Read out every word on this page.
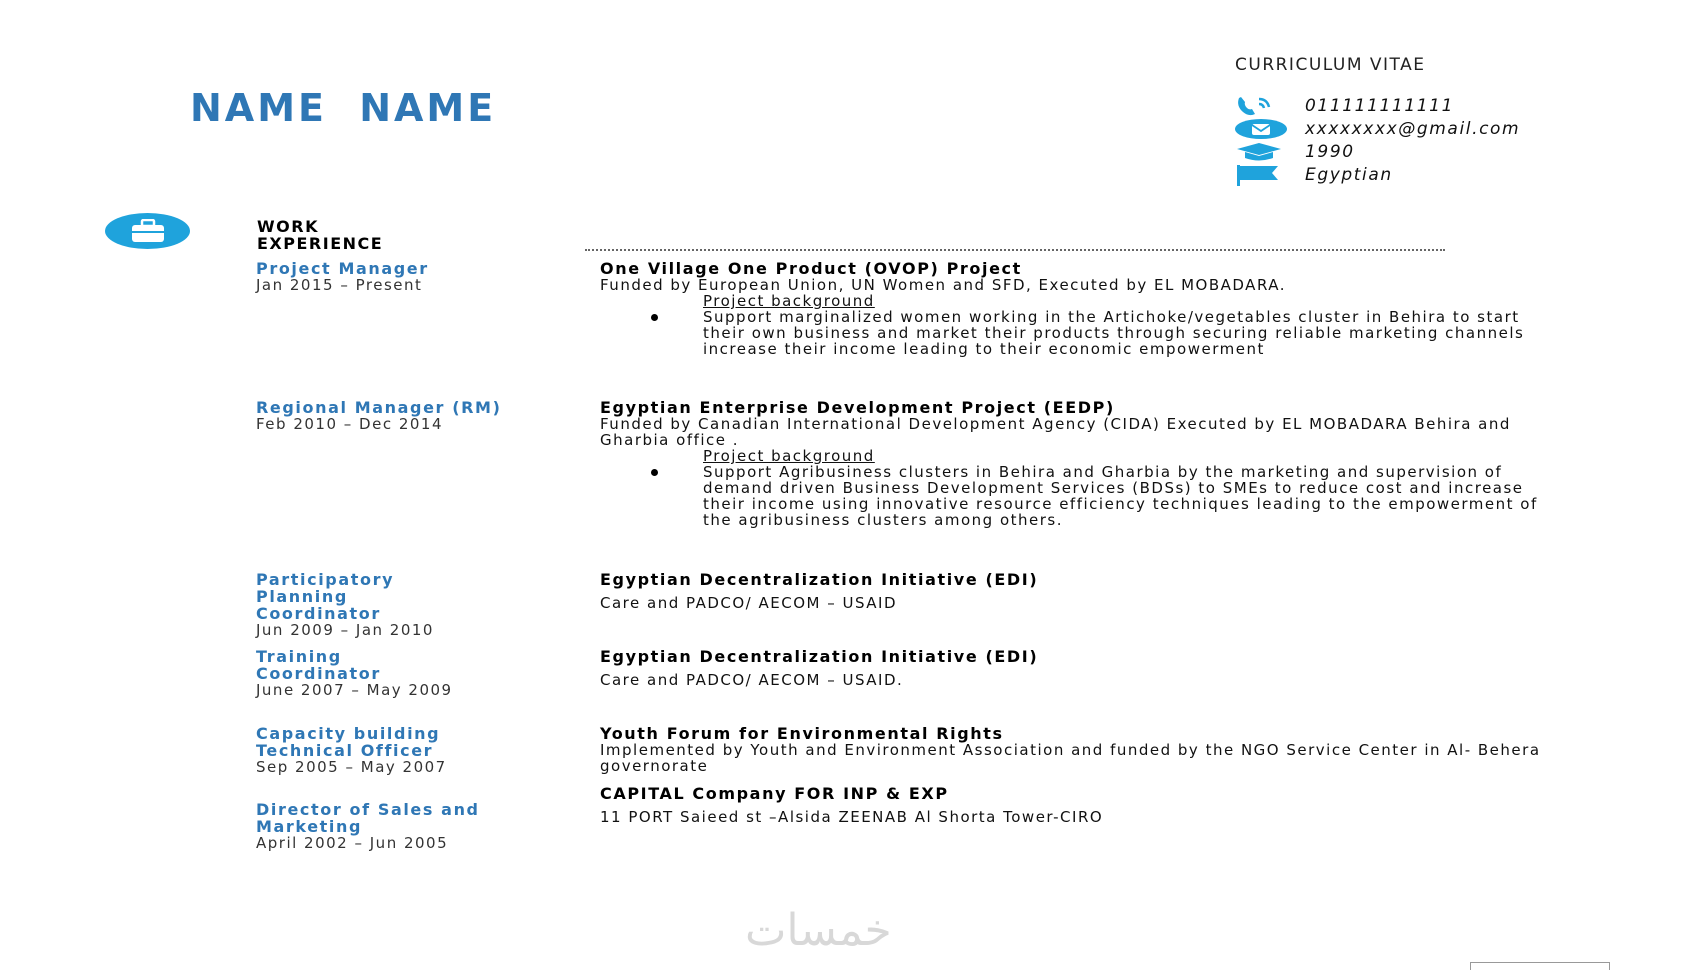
NAME NAME
CURRICULUM VITAE
011111111111
xxxxxxxx@gmail.com
1990
Egyptian
WORK
EXPERIENCE
Project Manager
Jan 2015 – Present
One Village One Product (OVOP) Project
Funded by European Union, UN Women and SFD, Executed by EL MOBADARA.
Project background
Support marginalized women working in the Artichoke/vegetables cluster in Behira to start their own business and market their products through securing reliable marketing channels increase their income leading to their economic empowerment
Regional Manager (RM)
Feb 2010 – Dec 2014
Egyptian Enterprise Development Project (EEDP)
Funded by Canadian International Development Agency (CIDA) Executed by EL MOBADARA Behira and Gharbia office .
Project background
Support Agribusiness clusters in Behira and Gharbia by the marketing and supervision of demand driven Business Development Services (BDSs) to SMEs to reduce cost and increase their income using innovative resource efficiency techniques leading to the empowerment of the agribusiness clusters among others.
Participatory Planning Coordinator
Jun 2009 – Jan 2010
Egyptian Decentralization Initiative (EDI)
Care and PADCO/ AECOM – USAID
Training Coordinator
June 2007 – May 2009
Egyptian Decentralization Initiative (EDI)
Care and PADCO/ AECOM – USAID.
Capacity building Technical Officer
Sep 2005 – May 2007
Youth Forum for Environmental Rights
Implemented by Youth and Environment Association and funded by the NGO Service Center in Al- Behera governorate
Director of Sales and Marketing
April 2002 – Jun 2005
CAPITAL Company FOR INP & EXP
11 PORT Saieed st –Alsida ZEENAB Al Shorta Tower-CIRO
خمسات
